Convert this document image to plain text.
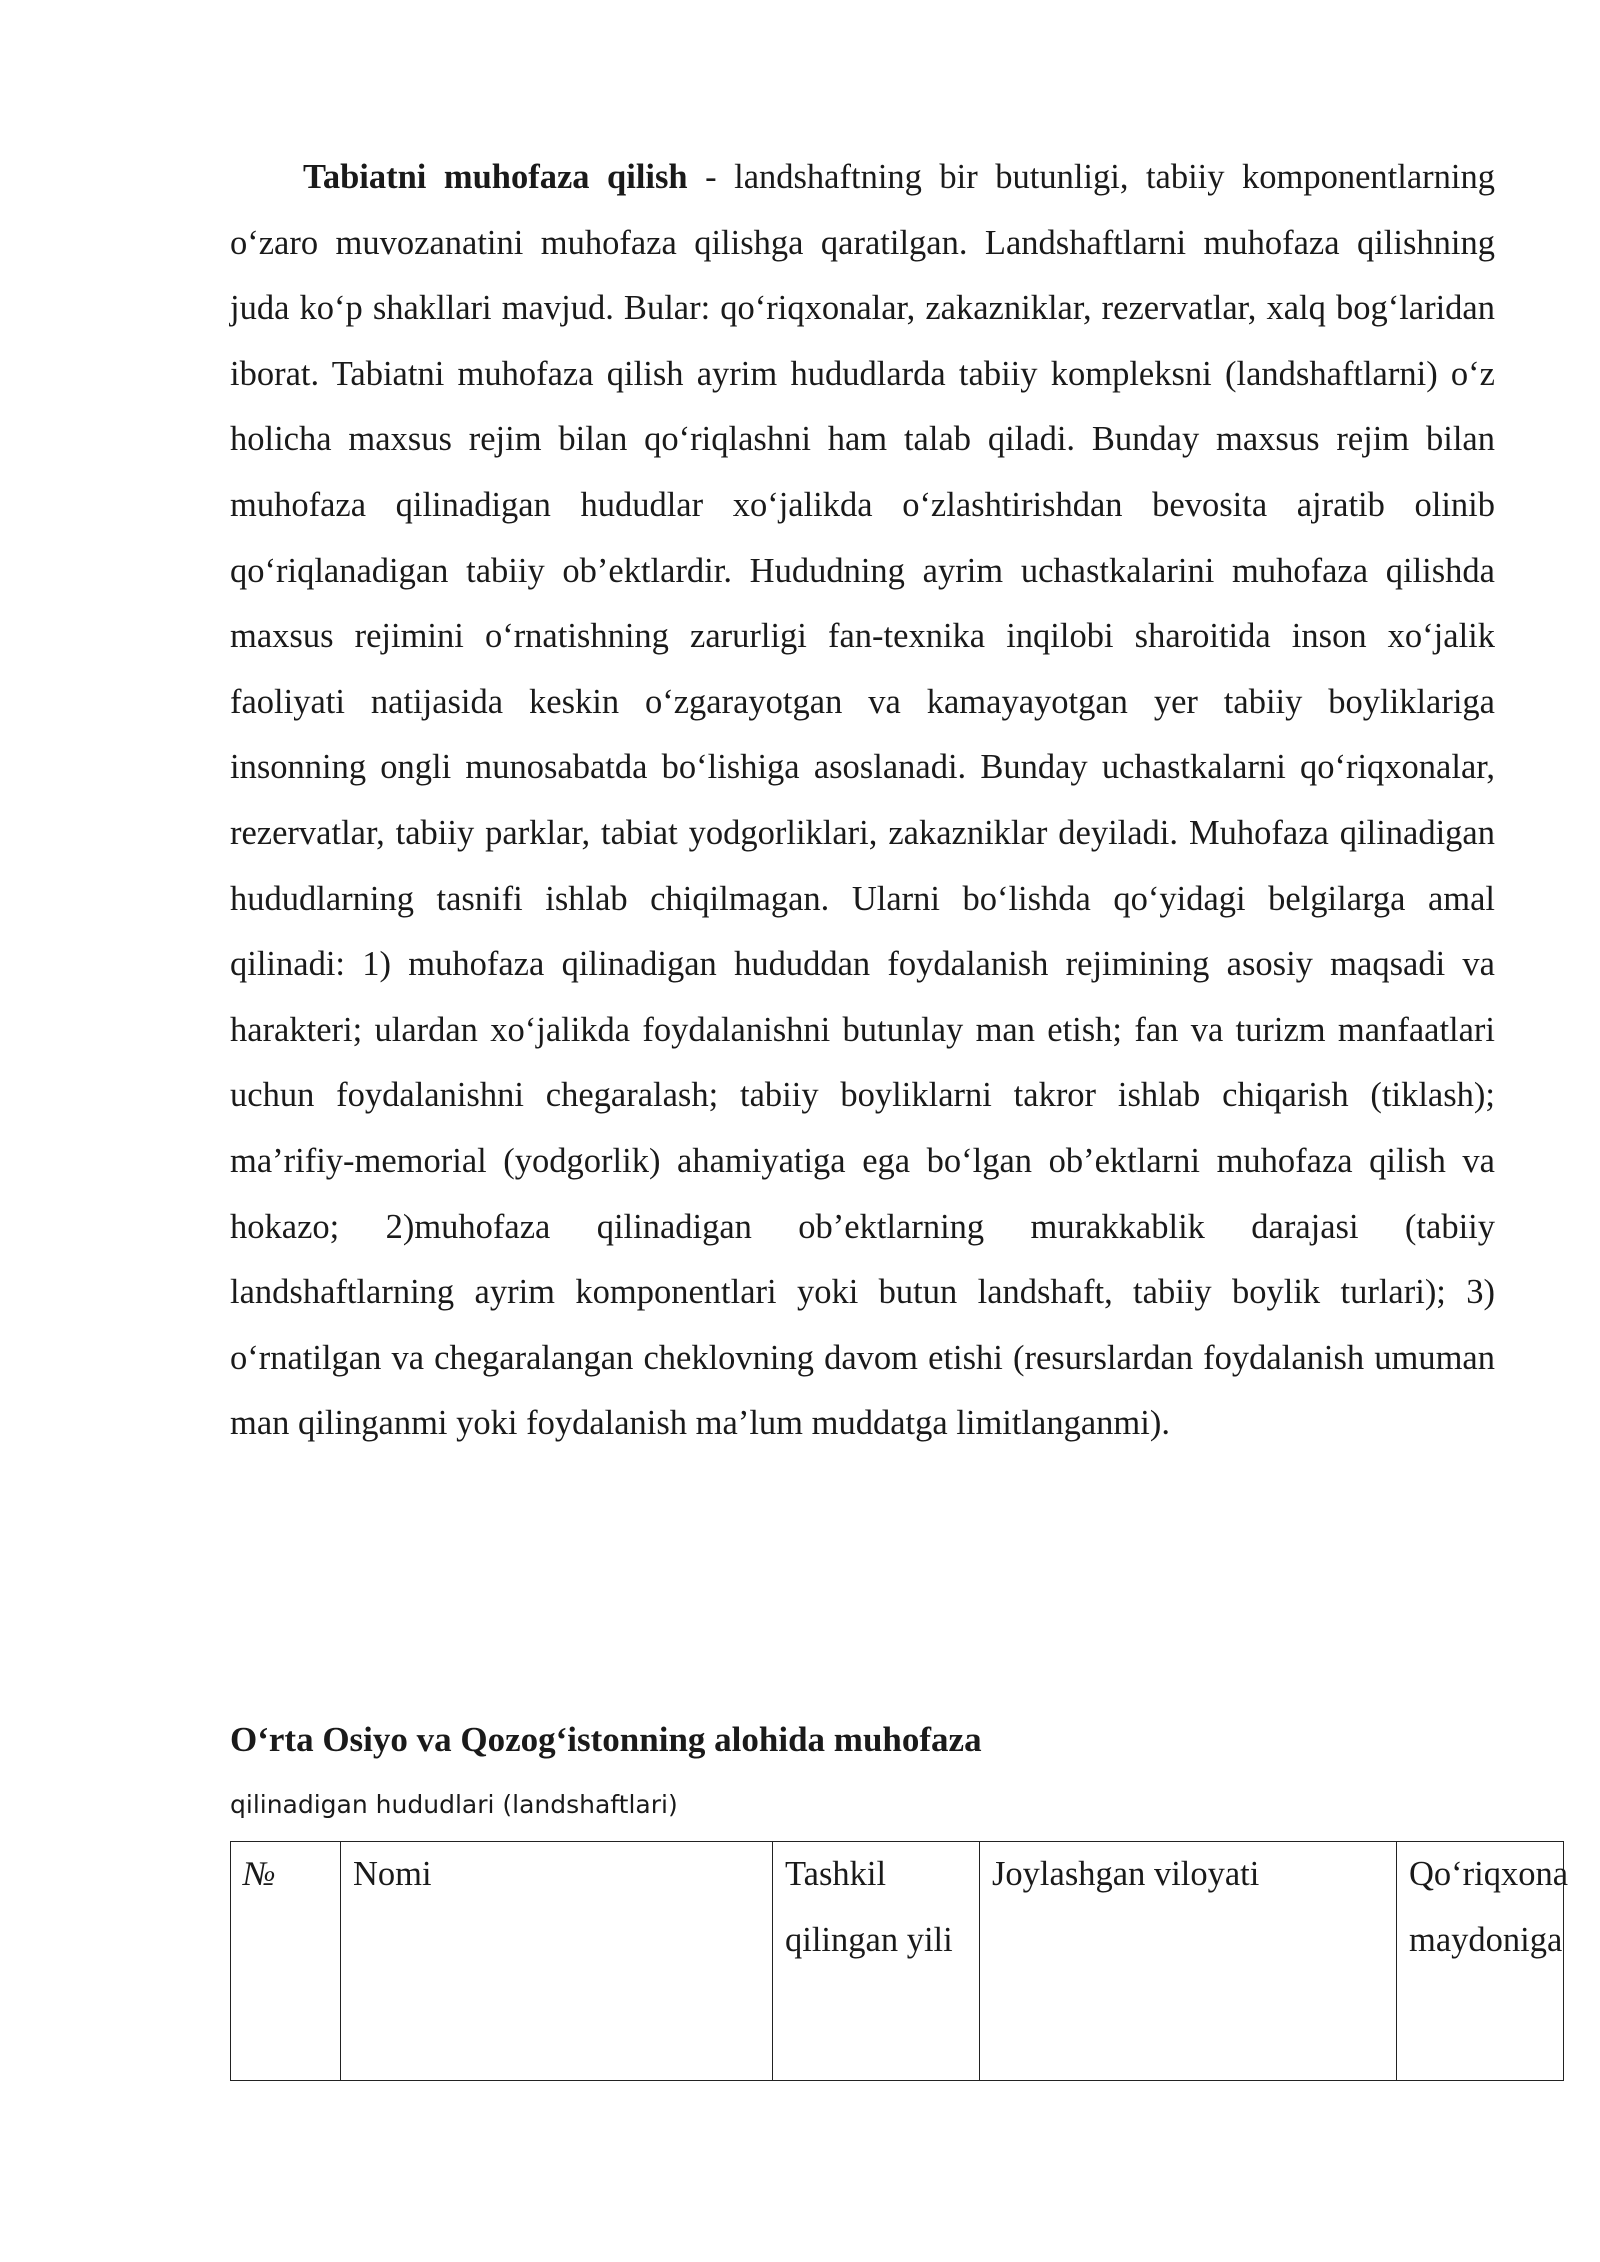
Tabiatni muhofaza qilish - landshaftning bir butunligi, tabiiy komponentlarning o‘zaro muvozanatini muhofaza qilishga qaratilgan. Landshaftlarni muhofaza qilishning juda ko‘p shakllari mavjud. Bular: qo‘riqxonalar, zakazniklar, rezervatlar, xalq bog‘laridan iborat. Tabiatni muhofaza qilish ayrim hududlarda tabiiy kompleksni (landshaftlarni) o‘z holicha maxsus rejim bilan qo‘riqlashni ham talab qiladi. Bunday maxsus rejim bilan muhofaza qilinadigan hududlar xo‘jalikda o‘zlashtirishdan bevosita ajratib olinib qo‘riqlanadigan tabiiy ob’ektlardir. Hududning ayrim uchastkalarini muhofaza qilishda maxsus rejimini o‘rnatishning zarurligi fan-texnika inqilobi sharoitida inson xo‘jalik faoliyati natijasida keskin o‘zgarayotgan va kamayayotgan yer tabiiy boyliklariga insonning ongli munosabatda bo‘lishiga asoslanadi. Bunday uchastkalarni qo‘riqxonalar, rezervatlar, tabiiy parklar, tabiat yodgorliklari, zakazniklar deyiladi. Muhofaza qilinadigan hududlarning tasnifi ishlab chiqilmagan. Ularni bo‘lishda qo‘yidagi belgilarga amal qilinadi: 1) muhofaza qilinadigan hududdan foydalanish rejimining asosiy maqsadi va harakteri; ulardan xo‘jalikda foydalanishni butunlay man etish; fan va turizm manfaatlari uchun foydalanishni chegaralash; tabiiy boyliklarni takror ishlab chiqarish (tiklash); ma’rifiy-memorial (yodgorlik) ahamiyatiga ega bo‘lgan ob’ektlarni muhofaza qilish va hokazo; 2)muhofaza qilinadigan ob’ektlarning murakkablik darajasi (tabiiy landshaftlarning ayrim komponentlari yoki butun landshaft, tabiiy boylik turlari); 3) o‘rnatilgan va chegaralangan cheklovning davom etishi (resurslardan foydalanish umuman man qilinganmi yoki foydalanish ma’lum muddatga limitlanganmi).

O‘rta Osiyo va Qozog‘istonning alohida muhofaza

qilinadigan hududlari (landshaftlari)

№	Nomi	Tashkil qilingan yili	Joylashgan viloyati	Qo‘riqxona maydoniga
